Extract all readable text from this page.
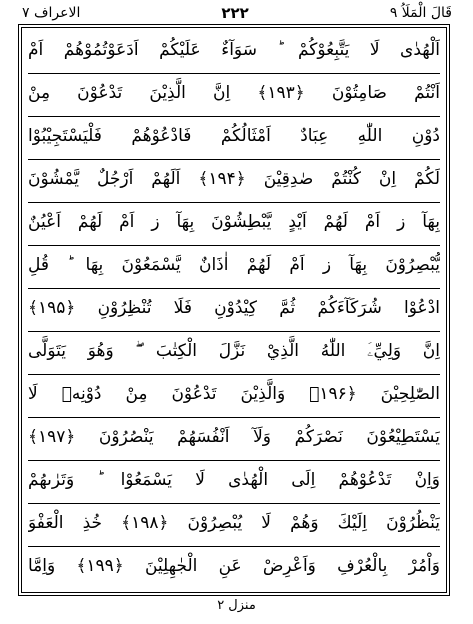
قَالَ الْمَلَاُ ٩
٢٢٢
الاعراف ٧
اَلْهُدٰى لَا يَتَّبِعُوْكُمْ ؕ سَوَآءٌ عَلَيْكُمْ اَدَعَوْتُمُوْهُمْ اَمْ
اَنْتُمْ صَامِتُوْنَ ﴿۱۹۳﴾ اِنَّ الَّذِيْنَ تَدْعُوْنَ مِنْ
دُوْنِ اللّٰهِ عِبَادٌ اَمْثَالُكُمْ فَادْعُوْهُمْ فَلْيَسْتَجِيْبُوْا
لَكُمْ اِنْ كُنْتُمْ صٰدِقِيْنَ ﴿۱۹۴﴾ اَلَهُمْ اَرْجُلٌ يَّمْشُوْنَ
بِهَآ ز اَمْ لَهُمْ اَيْدٍ يَّبْطِشُوْنَ بِهَآ ز اَمْ لَهُمْ اَعْيُنٌ
يُّبْصِرُوْنَ بِهَآ ز اَمْ لَهُمْ اٰذَانٌ يَّسْمَعُوْنَ بِهَا ؕ قُلِ
ادْعُوْا شُرَكَآءَكُمْ ثُمَّ كِيْدُوْنِ فَلَا تُنْظِرُوْنِ ﴿۱۹۵﴾
اِنَّ وَلِيِّۦَ اللّٰهُ الَّذِيْ نَزَّلَ الْكِتٰبَ ۖ وَهُوَ يَتَوَلَّى
الصّٰلِحِيْنَ ﴿۱۹۶﴾ وَالَّذِيْنَ تَدْعُوْنَ مِنْ دُوْنِهٖ لَا
يَسْتَطِيْعُوْنَ نَصْرَكُمْ وَلَآ اَنْفُسَهُمْ يَنْصُرُوْنَ ﴿۱۹۷﴾
وَاِنْ تَدْعُوْهُمْ اِلَى الْهُدٰى لَا يَسْمَعُوْا ؕ وَتَرٰىهُمْ
يَنْظُرُوْنَ اِلَيْكَ وَهُمْ لَا يُبْصِرُوْنَ ﴿۱۹۸﴾ خُذِ الْعَفْوَ
وَاْمُرْ بِالْعُرْفِ وَاَعْرِضْ عَنِ الْجٰهِلِيْنَ ﴿۱۹۹﴾ وَاِمَّا
منزل ٢
